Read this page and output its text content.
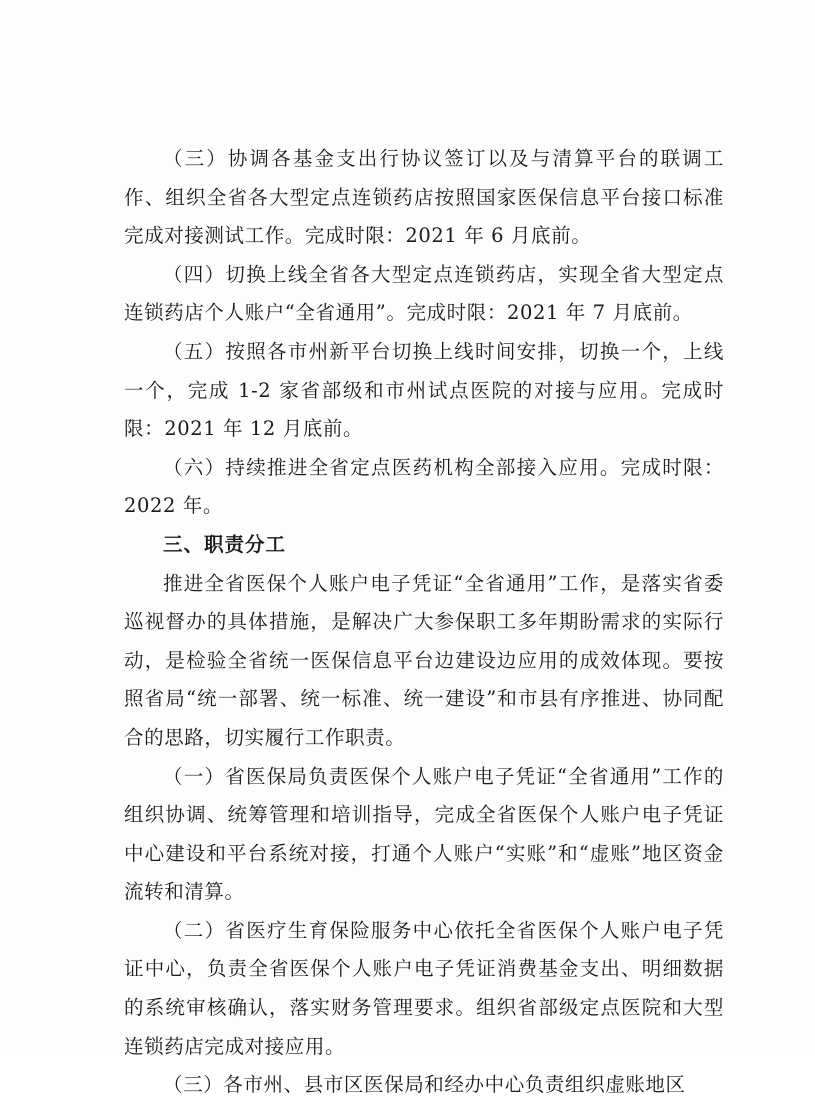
（三）协调各基金支出行协议签订以及与清算平台的联调工作、组织全省各大型定点连锁药店按照国家医保信息平台接口标准完成对接测试工作。完成时限：2021 年 6 月底前。

（四）切换上线全省各大型定点连锁药店，实现全省大型定点连锁药店个人账户“全省通用”。完成时限：2021 年 7 月底前。

（五）按照各市州新平台切换上线时间安排，切换一个，上线一个，完成 1-2 家省部级和市州试点医院的对接与应用。完成时限：2021 年 12 月底前。

（六）持续推进全省定点医药机构全部接入应用。完成时限：2022 年。

三、职责分工

推进全省医保个人账户电子凭证“全省通用”工作，是落实省委巡视督办的具体措施，是解决广大参保职工多年期盼需求的实际行动，是检验全省统一医保信息平台边建设边应用的成效体现。要按照省局“统一部署、统一标准、统一建设”和市县有序推进、协同配合的思路，切实履行工作职责。

（一）省医保局负责医保个人账户电子凭证“全省通用”工作的组织协调、统筹管理和培训指导，完成全省医保个人账户电子凭证中心建设和平台系统对接，打通个人账户“实账”和“虚账”地区资金流转和清算。

（二）省医疗生育保险服务中心依托全省医保个人账户电子凭证中心，负责全省医保个人账户电子凭证消费基金支出、明细数据的系统审核确认，落实财务管理要求。组织省部级定点医院和大型连锁药店完成对接应用。

（三）各市州、县市区医保局和经办中心负责组织虚账地区
